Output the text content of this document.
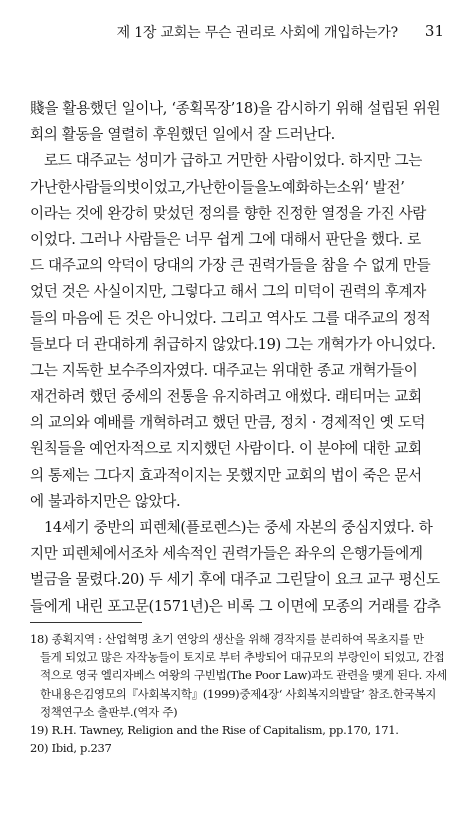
제 1장 교회는 무슨 권리로 사회에 개입하는가? 31
賤을 활용했던 일이나, ‘종획목장’18)을 감시하기 위해 설립된 위원
회의 활동을 열렬히 후원했던 일에서 잘 드러난다.
로드 대주교는 성미가 급하고 거만한 사람이었다. 하지만 그는
가난한사람들의벗이었고,가난한이들을노예화하는소위‘ 발전’
이라는 것에 완강히 맞섰던 정의를 향한 진정한 열정을 가진 사람
이었다. 그러나 사람들은 너무 쉽게 그에 대해서 판단을 했다. 로
드 대주교의 악덕이 당대의 가장 큰 권력가들을 참을 수 없게 만들
었던 것은 사실이지만, 그렇다고 해서 그의 미덕이 권력의 후계자
들의 마음에 든 것은 아니었다. 그리고 역사도 그를 대주교의 정적
들보다 더 관대하게 취급하지 않았다.19) 그는 개혁가가 아니었다.
그는 지독한 보수주의자였다. 대주교는 위대한 종교 개혁가들이
재건하려 했던 중세의 전통을 유지하려고 애썼다. 래티머는 교회
의 교의와 예배를 개혁하려고 했던 만큼, 정치 · 경제적인 옛 도덕
원칙들을 예언자적으로 지지했던 사람이다. 이 분야에 대한 교회
의 통제는 그다지 효과적이지는 못했지만 교회의 법이 죽은 문서
에 불과하지만은 않았다.
14세기 중반의 피렌체(플로렌스)는 중세 자본의 중심지였다. 하
지만 피렌체에서조차 세속적인 권력가들은 좌우의 은행가들에게
벌금을 물렸다.20) 두 세기 후에 대주교 그린달이 요크 교구 평신도
들에게 내린 포고문(1571년)은 비록 그 이면에 모종의 거래를 감추
18) 종획지역 : 산업혁명 초기 연앙의 생산을 위해 경작지를 분리하여 목초지를 만
들게 되었고 많은 자작농들이 토지로 부터 추방되어 대규모의 부랑인이 되었고, 간접
적으로 영국 엘리자베스 여왕의 구빈법(The Poor Law)과도 관련을 맺게 된다. 자세
한내용은김영모의『사회복지학』(1999)중제4장‘ 사회복지의발달’ 참조.한국복지
정책연구소 출판부.(역자 주)
19) R.H. Tawney, Religion and the Rise of Capitalism, pp.170, 171.
20) Ibid, p.237
